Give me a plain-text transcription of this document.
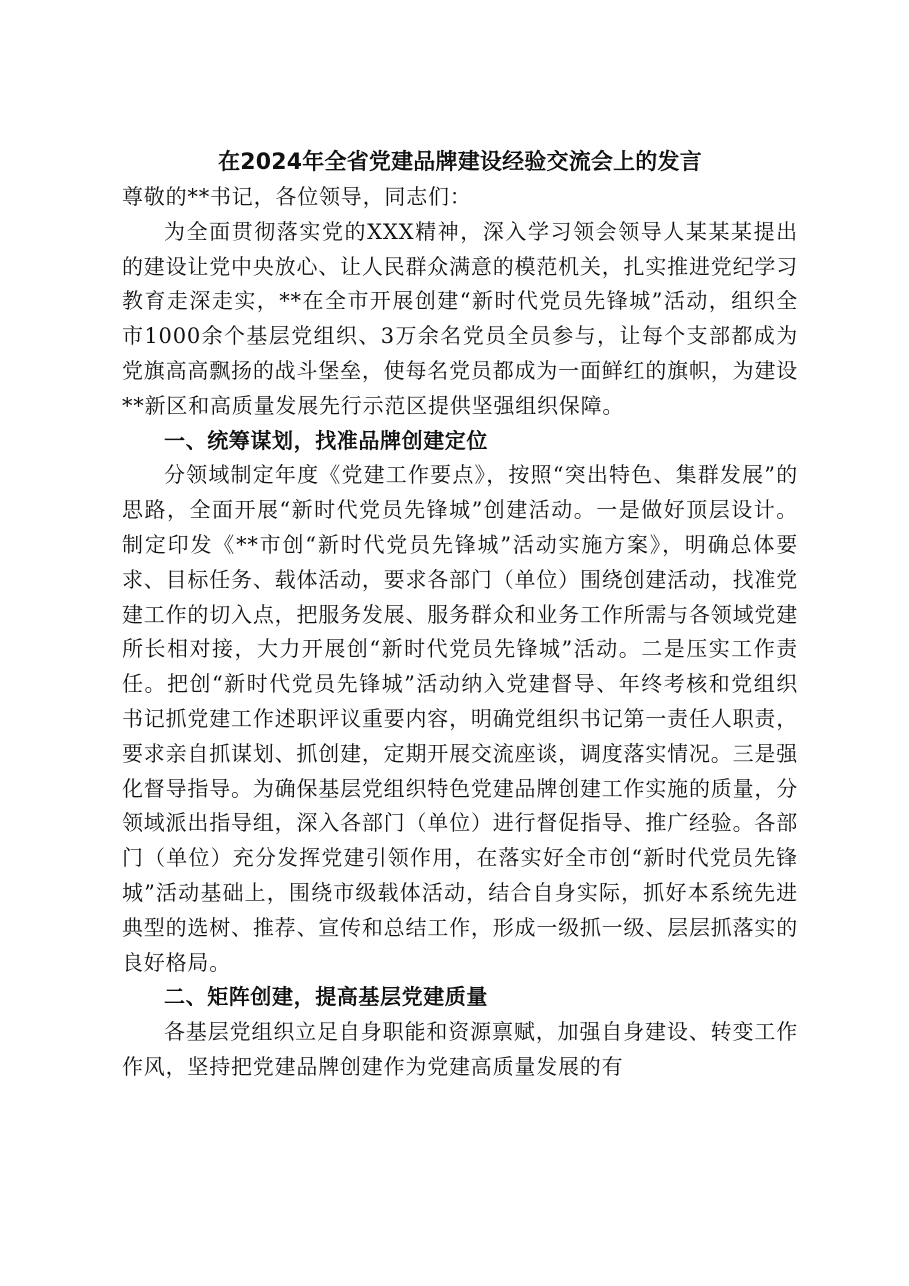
在2024年全省党建品牌建设经验交流会上的发言

尊敬的**书记，各位领导，同志们：

为全面贯彻落实党的XXX精神，深入学习领会领导人某某某提出的建设让党中央放心、让人民群众满意的模范机关，扎实推进党纪学习教育走深走实，**在全市开展创建“新时代党员先锋城”活动，组织全市1000余个基层党组织、3万余名党员全员参与，让每个支部都成为党旗高高飘扬的战斗堡垒，使每名党员都成为一面鲜红的旗帜，为建设**新区和高质量发展先行示范区提供坚强组织保障。

一、统筹谋划，找准品牌创建定位

分领域制定年度《党建工作要点》，按照“突出特色、集群发展”的思路，全面开展“新时代党员先锋城”创建活动。一是做好顶层设计。制定印发《**市创“新时代党员先锋城”活动实施方案》，明确总体要求、目标任务、载体活动，要求各部门（单位）围绕创建活动，找准党建工作的切入点，把服务发展、服务群众和业务工作所需与各领域党建所长相对接，大力开展创“新时代党员先锋城”活动。二是压实工作责任。把创“新时代党员先锋城”活动纳入党建督导、年终考核和党组织书记抓党建工作述职评议重要内容，明确党组织书记第一责任人职责，要求亲自抓谋划、抓创建，定期开展交流座谈，调度落实情况。三是强化督导指导。为确保基层党组织特色党建品牌创建工作实施的质量，分领域派出指导组，深入各部门（单位）进行督促指导、推广经验。各部门（单位）充分发挥党建引领作用，在落实好全市创“新时代党员先锋城”活动基础上，围绕市级载体活动，结合自身实际，抓好本系统先进典型的选树、推荐、宣传和总结工作，形成一级抓一级、层层抓落实的良好格局。

二、矩阵创建，提高基层党建质量

各基层党组织立足自身职能和资源禀赋，加强自身建设、转变工作作风，坚持把党建品牌创建作为党建高质量发展的有
